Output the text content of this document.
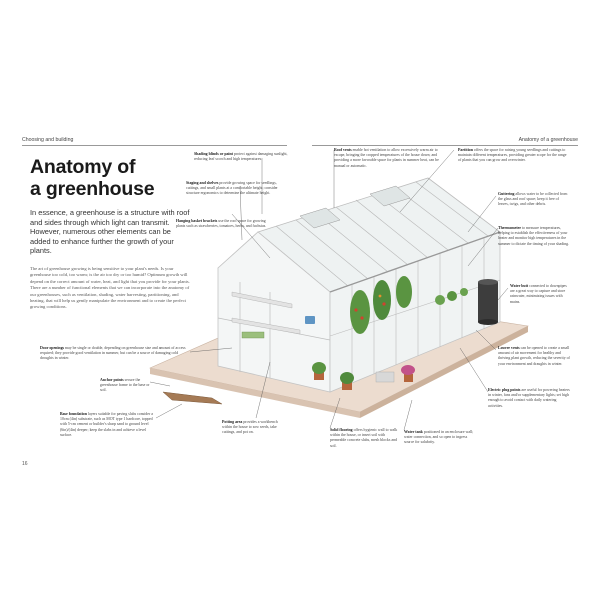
Choosing and building	Anatomy of a greenhouse
Anatomy of
a greenhouse
In essence, a greenhouse is a structure with roof and sides through which light can transmit. However, numerous other elements can be added to enhance further the growth of your plants.
The art of greenhouse growing is being sensitive to your plant's needs. Is your greenhouse too cold, too warm; is the air too dry or too humid? Optimum growth will depend on the correct amount of water, heat, and light that you provide for your plants. There are a number of functional elements that we can incorporate into the anatomy of our greenhouses, such as ventilation, shading, water harvesting, partitioning, and heating, that will help us gently manipulate the environment and to create the perfect growing conditions.
16
Shading blinds or paint protect against damaging sunlight, reducing leaf scorch and high temperatures.
Staging and shelves provide growing space for seedlings, cuttings, and small plants at a comfortable height; consider structure ergonomics to determine the ultimate height.
Hanging basket brackets use the roof space for growing plants such as strawberries, tomatoes, herbs, and fuchsias.
Roof vents enable hot ventilation to allow excessively warm air to escape, bringing the cropped temperatures of the house down; and providing a more favorable space for plants in summer heat, can be manual or automatic.
Partition offers the space for raising young seedlings and cuttings to maintain different temperatures, providing greater scope for the range of plants that you can grow and overwinter.
Guttering allows water to be collected from the glass and roof space; keep it free of leaves, twigs, and other debris.
Thermometer to measure temperatures, helping to establish the effectiveness of your heater and monitor high temperatures in the summer to dictate the timing of your shading.
Water butt connected to downpipes are a great way to capture and store rainwater, minimizing issues with mains.
Door openings may be single or double, depending on greenhouse size and amount of access required; they provide good ventilation in summer, but can be a source of damaging cold droughts in winter.
Louvre vents can be opened to create a small amount of air movement for healthy and thriving plant growth, reducing the severity of your environment and draughts in winter.
Anchor points secure the greenhouse frame to the base or soil.	Electric plug points are useful for powering heaters in winter, fans and/or supplementary lights; set high enough to avoid contact with daily watering activities.
Base foundation layers suitable for paving slabs consider a 10cm (4in) substrate, such as MOT type 1 hardcore, topped with 5-cm cement or builder's sharp sand to ground level (6in)/(4in) deeper; keep the slabs in and achieve a level surface.
Potting area provides a workbench within the house to sow seeds, take cuttings, and pot on.
Solid flooring offers hygienic wall to walk within the house, or insert soil with permeable concrete slabs, mesh blocks and soil.
Water tank positioned in an enclosure wall; water connection, and so open to ingress source for salubrity.
